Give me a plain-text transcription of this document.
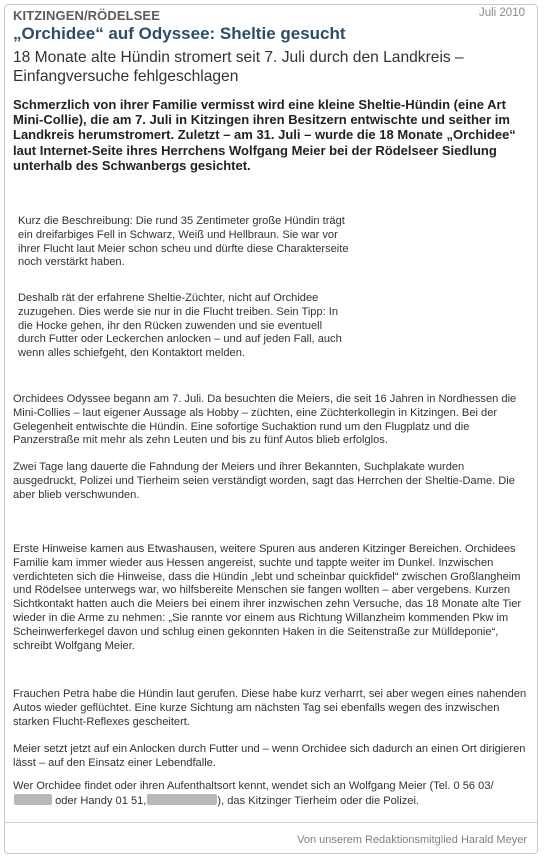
KITZINGEN/RÖDELSEE	Juli 2010
„Orchidee“ auf Odyssee: Sheltie gesucht
18 Monate alte Hündin stromert seit 7. Juli durch den Landkreis – Einfangversuche fehlgeschlagen
Schmerzlich von ihrer Familie vermisst wird eine kleine Sheltie-Hündin (eine Art Mini-Collie), die am 7. Juli in Kitzingen ihren Besitzern entwischte und seither im Landkreis herumstromert. Zuletzt – am 31. Juli – wurde die 18 Monate „Orchidee“ laut Internet-Seite ihres Herrchens Wolfgang Meier bei der Rödelseer Siedlung unterhalb des Schwanbergs gesichtet.
Kurz die Beschreibung: Die rund 35 Zentimeter große Hündin trägt ein dreifarbiges Fell in Schwarz, Weiß und Hellbraun. Sie war vor ihrer Flucht laut Meier schon scheu und dürfte diese Charakterseite noch verstärkt haben.
Deshalb rät der erfahrene Sheltie-Züchter, nicht auf Orchidee zuzugehen. Dies werde sie nur in die Flucht treiben. Sein Tipp: In die Hocke gehen, ihr den Rücken zuwenden und sie eventuell durch Futter oder Leckerchen anlocken – und auf jeden Fall, auch wenn alles schiefgeht, den Kontaktort melden.
Orchidees Odyssee begann am 7. Juli. Da besuchten die Meiers, die seit 16 Jahren in Nordhessen die Mini-Collies – laut eigener Aussage als Hobby – züchten, eine Züchterkollegin in Kitzingen. Bei der Gelegenheit entwischte die Hündin. Eine sofortige Suchaktion rund um den Flugplatz und die Panzerstraße mit mehr als zehn Leuten und bis zu fünf Autos blieb erfolglos.
Zwei Tage lang dauerte die Fahndung der Meiers und ihrer Bekannten, Suchplakate wurden ausgedruckt, Polizei und Tierheim seien verständigt worden, sagt das Herrchen der Sheltie-Dame. Die aber blieb verschwunden.
Erste Hinweise kamen aus Etwashausen, weitere Spuren aus anderen Kitzinger Bereichen. Orchidees Familie kam immer wieder aus Hessen angereist, suchte und tappte weiter im Dunkel. Inzwischen verdichteten sich die Hinweise, dass die Hündin „lebt und scheinbar quickfidel“ zwischen Großlangheim und Rödelsee unterwegs war, wo hilfsbereite Menschen sie fangen wollten – aber vergebens. Kurzen Sichtkontakt hatten auch die Meiers bei einem ihrer inzwischen zehn Versuche, das 18 Monate alte Tier wieder in die Arme zu nehmen: „Sie rannte vor einem aus Richtung Willanzheim kommenden Pkw im Scheinwerferkegel davon und schlug einen gekonnten Haken in die Seitenstraße zur Mülldeponie“, schreibt Wolfgang Meier.
Frauchen Petra habe die Hündin laut gerufen. Diese habe kurz verharrt, sei aber wegen eines nahenden Autos wieder geflüchtet. Eine kurze Sichtung am nächsten Tag sei ebenfalls wegen des inzwischen starken Flucht-Reflexes gescheitert.
Meier setzt jetzt auf ein Anlocken durch Futter und – wenn Orchidee sich dadurch an einen Ort dirigieren lässt – auf den Einsatz einer Lebendfalle.
Wer Orchidee findet oder ihren Aufenthaltsort kennt, wendet sich an Wolfgang Meier (Tel. 0 56 03/ oder Handy 01 51,	), das Kitzinger Tierheim oder die Polizei.
Von unserem Redaktionsmitglied Harald Meyer
